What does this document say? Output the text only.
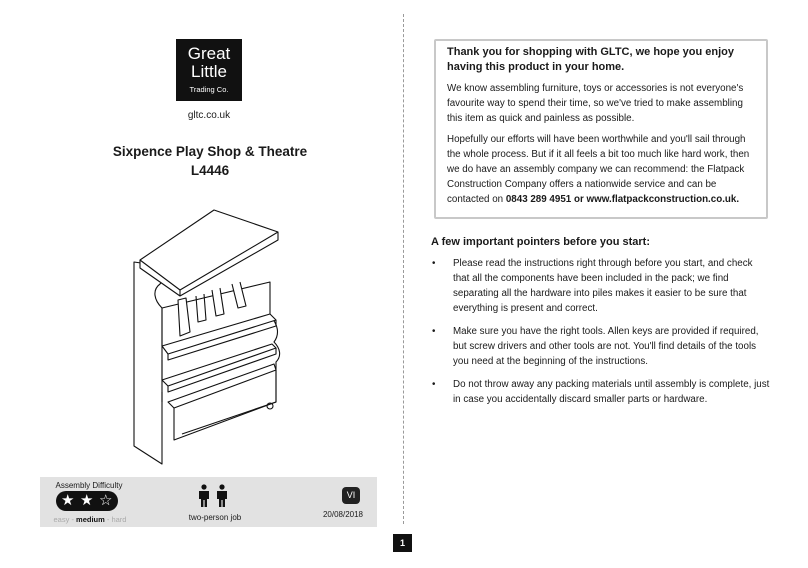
Great
Little
Trading Co.
gltc.co.uk
Sixpence Play Shop & Theatre
L4446
Assembly Difficulty
★ ★ ☆
easy - medium - hard	two-person job
VI
20/08/2018
1
Thank you for shopping with GLTC, we hope you enjoy having this product in your home.

We know assembling furniture, toys or accessories is not everyone's favourite way to spend their time, so we've tried to make assembling this item as quick and painless as possible.

Hopefully our efforts will have been worthwhile and you'll sail through the whole process. But if it all feels a bit too much like hard work, then we do have an assembly company we can recommend: the Flatpack Construction Company offers a nationwide service and can be contacted on 0843 289 4951 or www.flatpackconstruction.co.uk.

A few important pointers before you start:
• Please read the instructions right through before you start, and check that all the components have been included in the pack; we find separating all the hardware into piles makes it easier to be sure that everything is present and correct.
• Make sure you have the right tools. Allen keys are provided if required, but screw drivers and other tools are not. You'll find details of the tools you need at the beginning of the instructions.
• Do not throw away any packing materials until assembly is complete, just in case you accidentally discard smaller parts or hardware.
